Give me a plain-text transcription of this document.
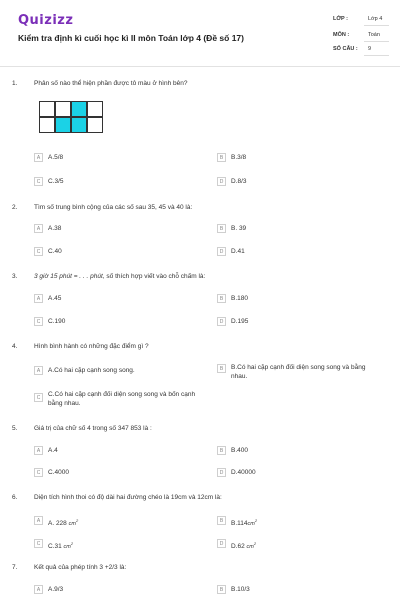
Quizizz
Kiểm tra định kì cuối học kì II môn Toán lớp 4 (Đề số 17)
LỚP :	Lớp 4
MÔN :	Toán
SỐ CÂU : 9
1.	Phân số nào thể hiện phần được tô màu ở hình bên?
A	A.5/8	B	B.3/8
C	C.3/5	D	D.8/3
2.	Tìm số trung bình cộng của các số sau 35, 45 và 40 là:
A	A.38	B	B. 39
C	C.40	D	D.41
3.	3 giờ 15 phút = . . . phút, số thích hợp viết vào chỗ chấm là:
A	A.45	B	B.180
C	C.190	D	D.195
4.	Hình bình hành có những đặc điểm gì ?
A	A.Có hai cặp cạnh song song.	B	B.Có hai cặp cạnh đối diện song song và bằng nhau.
C	C.Có hai cặp cạnh đối diện song song và bốn cạnh bằng nhau.
5.	Giá trị của chữ số 4 trong số 347 853 là :
A	A.4	B	B.400
C	C.4000	D	D.40000
6.	Diện tích hình thoi có độ dài hai đường chéo là 19cm và 12cm là:
A	A. 228 $cm^2$	B	$B.114cm^2$
C	C.31 $cm^2$	D	D.62 $cm^2$
7.	Kết quả của phép tính 3 +2/3 là:
A	A.9/3	B	B.10/3
